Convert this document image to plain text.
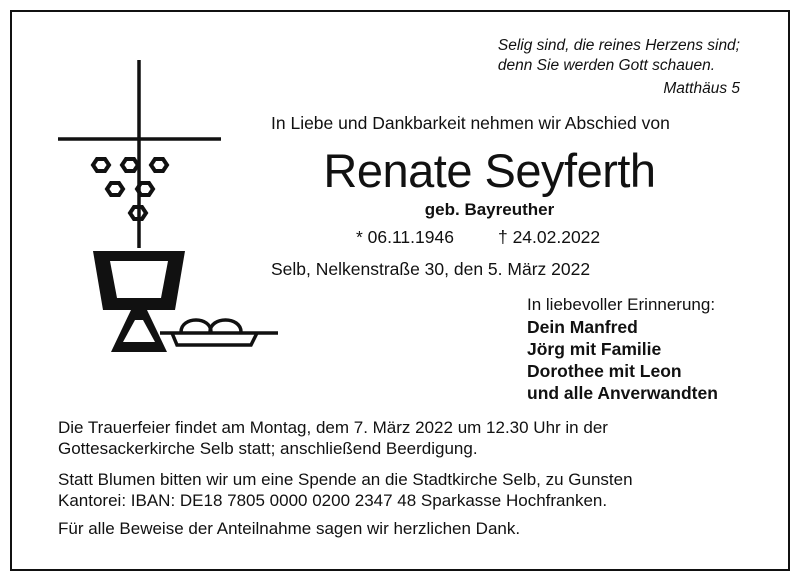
Selig sind, die reines Herzens sind;
denn Sie werden Gott schauen.
Matthäus 5
In Liebe und Dankbarkeit nehmen wir Abschied von
Renate Seyferth
geb. Bayreuther
* 06.11.1946	† 24.02.2022
Selb, Nelkenstraße 30, den 5. März 2022
In liebevoller Erinnerung:
Dein Manfred
Jörg mit Familie
Dorothee mit Leon
und alle Anverwandten
Die Trauerfeier findet am Montag, dem 7. März 2022 um 12.30 Uhr in der
Gottesackerkirche Selb statt; anschließend Beerdigung.
Statt Blumen bitten wir um eine Spende an die Stadtkirche Selb, zu Gunsten
Kantorei: IBAN: DE18 7805 0000 0200 2347 48 Sparkasse Hochfranken.
Für alle Beweise der Anteilnahme sagen wir herzlichen Dank.
